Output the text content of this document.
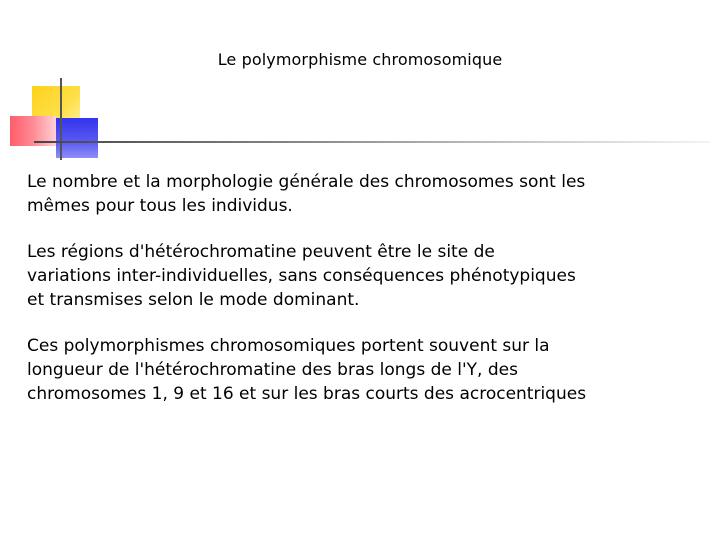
Le polymorphisme chromosomique

Le nombre et la morphologie générale des chromosomes sont les
mêmes pour tous les individus.

Les régions d'hétérochromatine peuvent être le site de
variations inter-individuelles, sans conséquences phénotypiques
et transmises selon le mode dominant.

Ces polymorphismes chromosomiques portent souvent sur la
longueur de l'hétérochromatine des bras longs de l'Y, des
chromosomes 1, 9 et 16 et sur les bras courts des acrocentriques
